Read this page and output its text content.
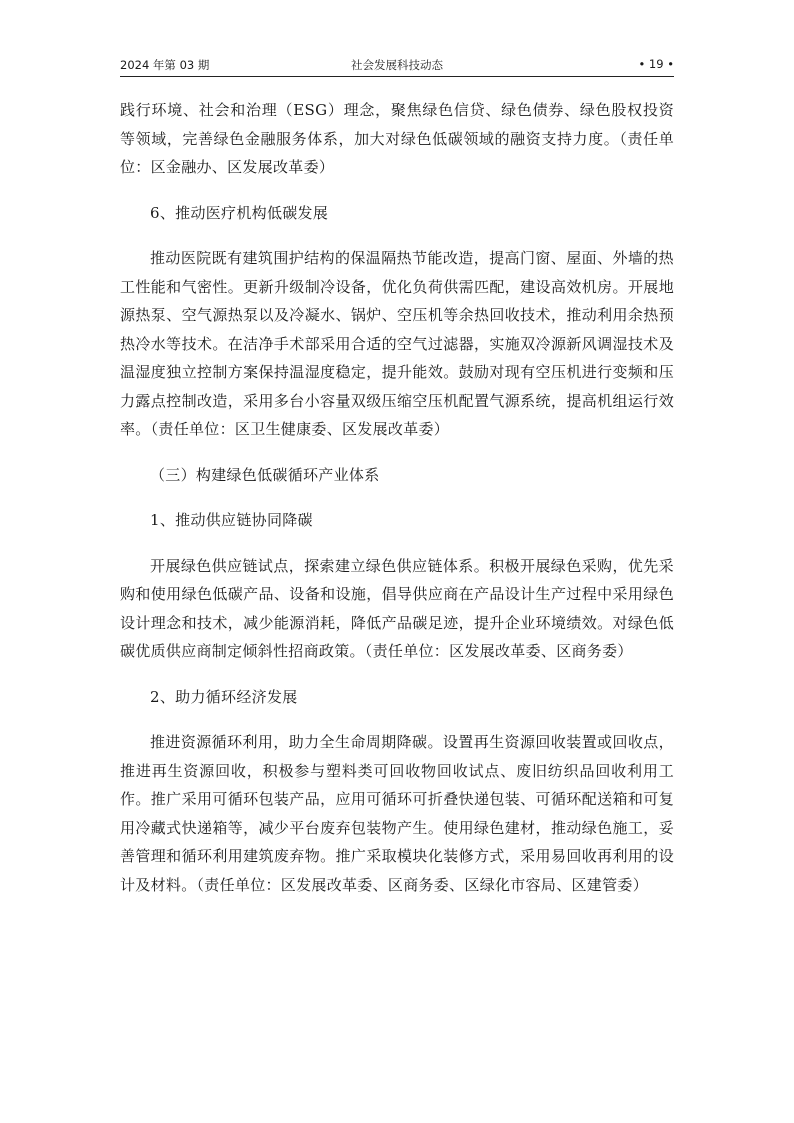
2024 年第 03 期	社会发展科技动态	• 19 •

践行环境、社会和治理（ESG）理念，聚焦绿色信贷、绿色债券、绿色股权投资等领域，完善绿色金融服务体系，加大对绿色低碳领域的融资支持力度。（责任单位：区金融办、区发展改革委）

6、推动医疗机构低碳发展

推动医院既有建筑围护结构的保温隔热节能改造，提高门窗、屋面、外墙的热工性能和气密性。更新升级制冷设备，优化负荷供需匹配，建设高效机房。开展地源热泵、空气源热泵以及冷凝水、锅炉、空压机等余热回收技术，推动利用余热预热冷水等技术。在洁净手术部采用合适的空气过滤器，实施双冷源新风调湿技术及温湿度独立控制方案保持温湿度稳定，提升能效。鼓励对现有空压机进行变频和压力露点控制改造，采用多台小容量双级压缩空压机配置气源系统，提高机组运行效率。（责任单位：区卫生健康委、区发展改革委）

（三）构建绿色低碳循环产业体系

1、推动供应链协同降碳

开展绿色供应链试点，探索建立绿色供应链体系。积极开展绿色采购，优先采购和使用绿色低碳产品、设备和设施，倡导供应商在产品设计生产过程中采用绿色设计理念和技术，减少能源消耗，降低产品碳足迹，提升企业环境绩效。对绿色低碳优质供应商制定倾斜性招商政策。（责任单位：区发展改革委、区商务委）

2、助力循环经济发展

推进资源循环利用，助力全生命周期降碳。设置再生资源回收装置或回收点，推进再生资源回收，积极参与塑料类可回收物回收试点、废旧纺织品回收利用工作。推广采用可循环包装产品，应用可循环可折叠快递包装、可循环配送箱和可复用冷藏式快递箱等，减少平台废弃包装物产生。使用绿色建材，推动绿色施工，妥善管理和循环利用建筑废弃物。推广采取模块化装修方式，采用易回收再利用的设计及材料。（责任单位：区发展改革委、区商务委、区绿化市容局、区建管委）
